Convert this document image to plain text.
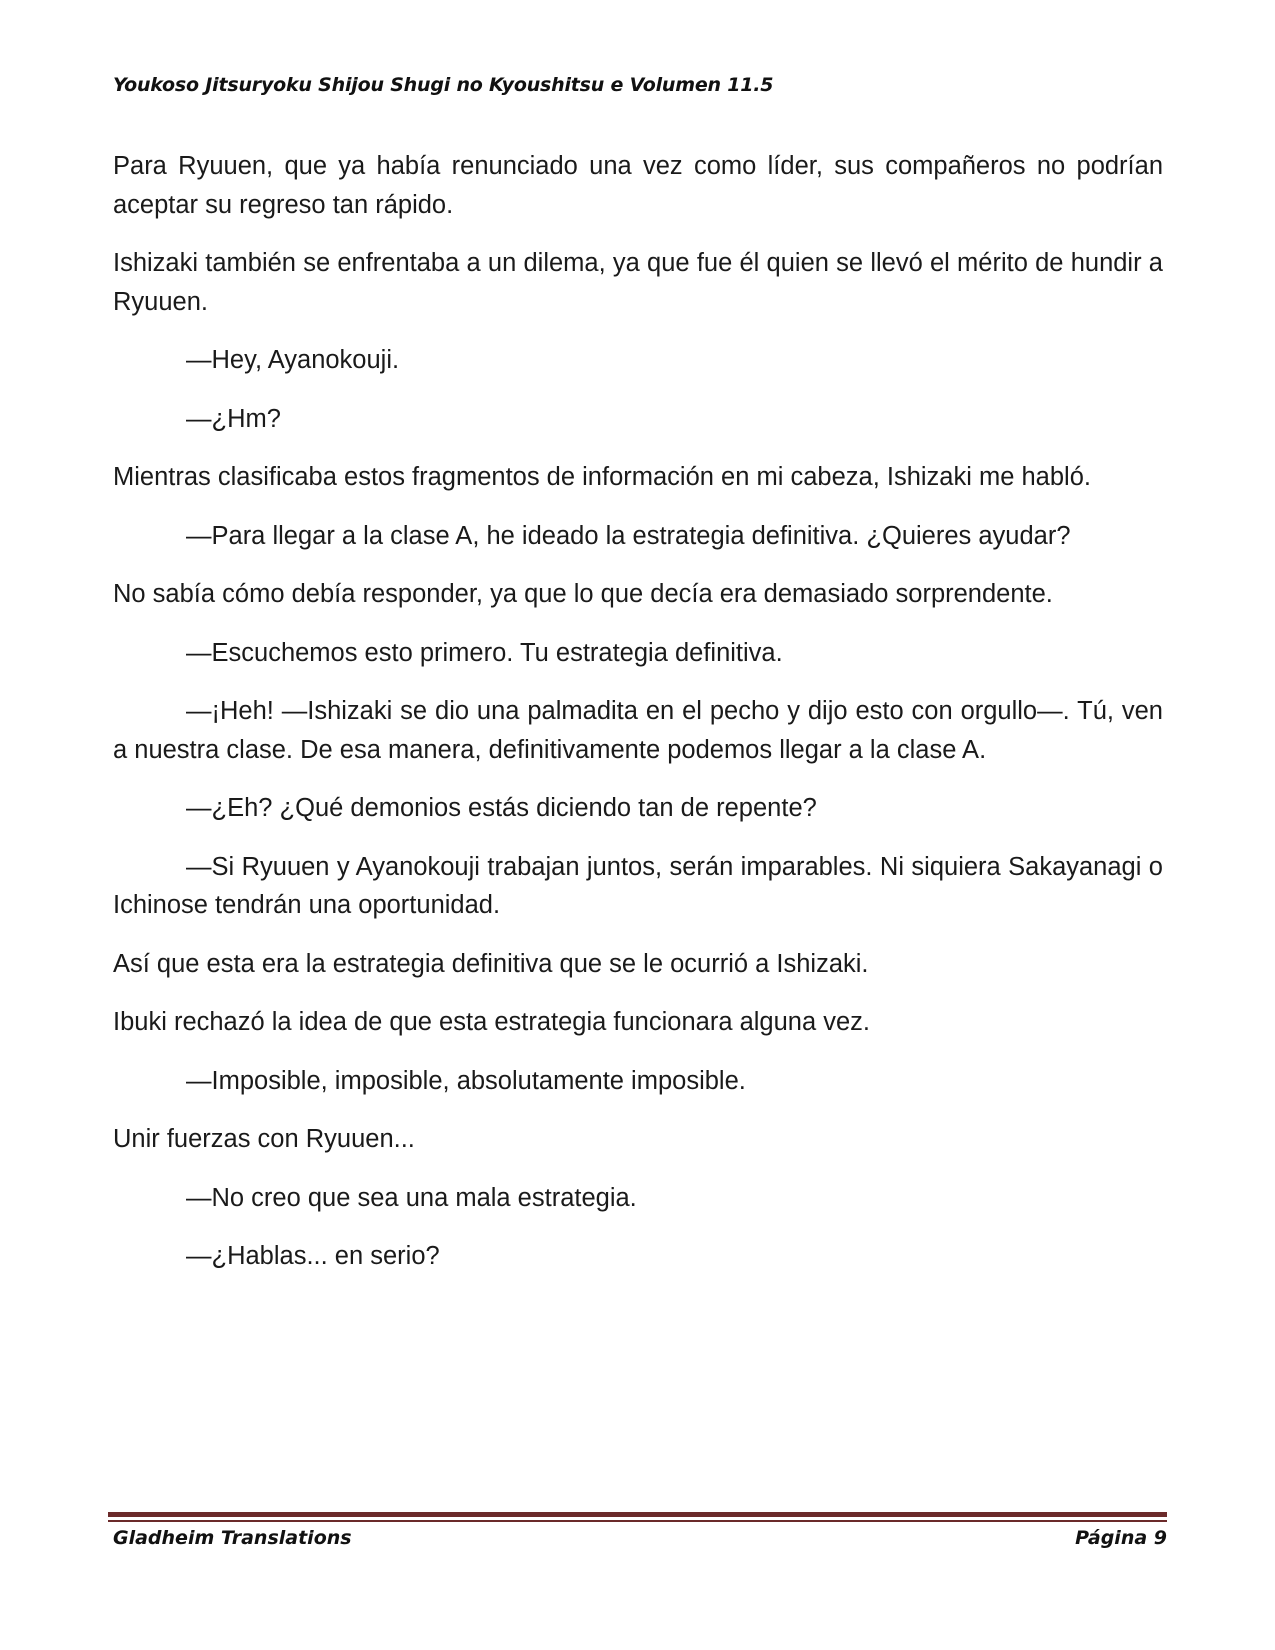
Youkoso Jitsuryoku Shijou Shugi no Kyoushitsu e Volumen 11.5

Para Ryuuen, que ya había renunciado una vez como líder, sus compañeros no podrían aceptar su regreso tan rápido.

Ishizaki también se enfrentaba a un dilema, ya que fue él quien se llevó el mérito de hundir a Ryuuen.

—Hey, Ayanokouji.

—¿Hm?

Mientras clasificaba estos fragmentos de información en mi cabeza, Ishizaki me habló.

—Para llegar a la clase A, he ideado la estrategia definitiva. ¿Quieres ayudar?

No sabía cómo debía responder, ya que lo que decía era demasiado sorprendente.

—Escuchemos esto primero. Tu estrategia definitiva.

—¡Heh! —Ishizaki se dio una palmadita en el pecho y dijo esto con orgullo—. Tú, ven a nuestra clase. De esa manera, definitivamente podemos llegar a la clase A.

—¿Eh? ¿Qué demonios estás diciendo tan de repente?

—Si Ryuuen y Ayanokouji trabajan juntos, serán imparables. Ni siquiera Sakayanagi o Ichinose tendrán una oportunidad.

Así que esta era la estrategia definitiva que se le ocurrió a Ishizaki.

Ibuki rechazó la idea de que esta estrategia funcionara alguna vez.

—Imposible, imposible, absolutamente imposible.

Unir fuerzas con Ryuuen...

—No creo que sea una mala estrategia.

—¿Hablas... en serio?

Gladheim Translations	Página 9
